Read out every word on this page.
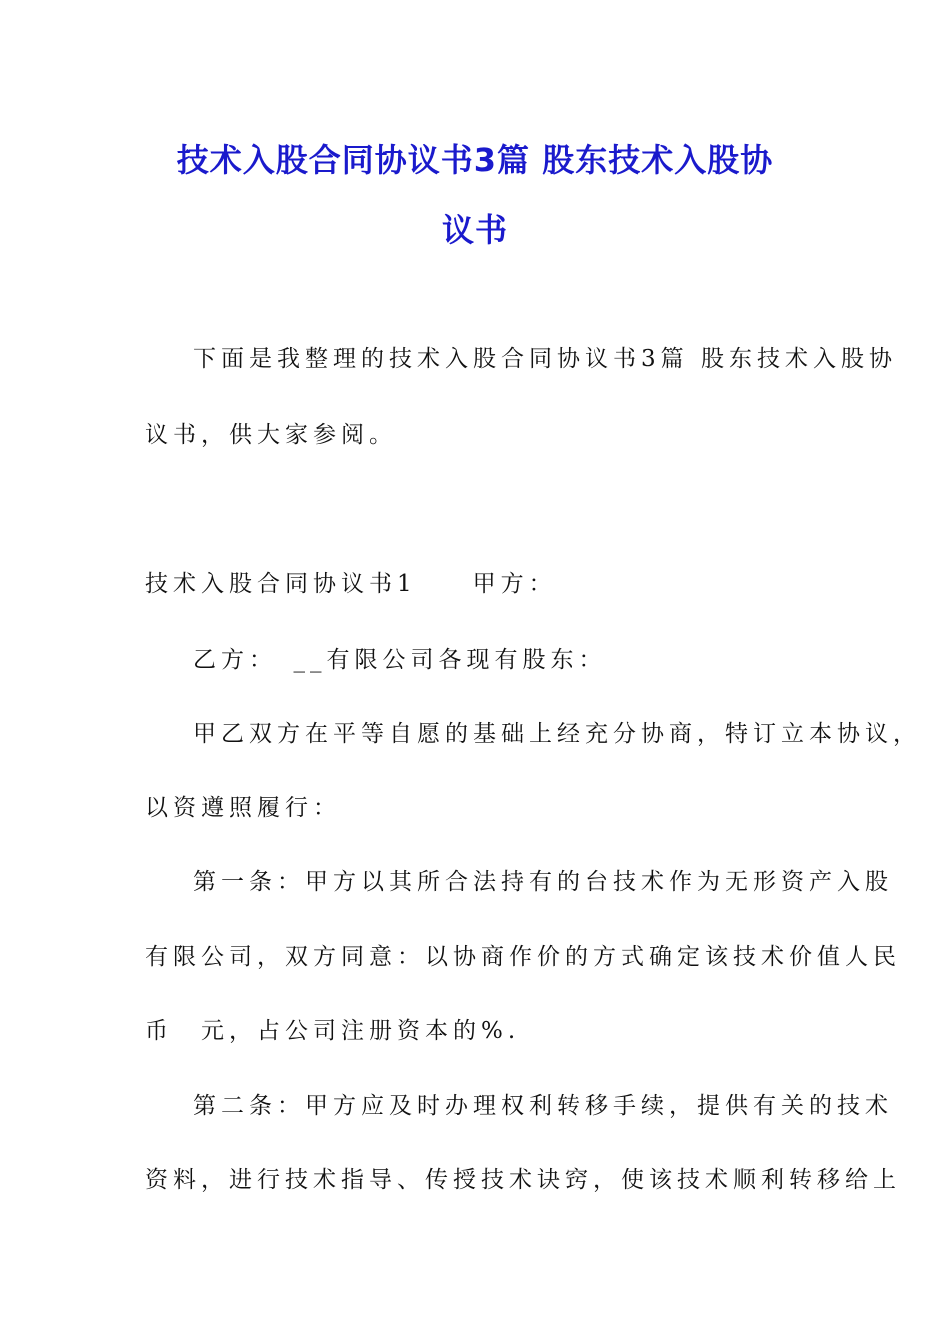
技术入股合同协议书3篇 股东技术入股协
议书
下面是我整理的技术入股合同协议书3篇 股东技术入股协
议书，供大家参阅。
技术入股合同协议书1　　甲方：
乙方：　__有限公司各现有股东：
甲乙双方在平等自愿的基础上经充分协商，特订立本协议，
以资遵照履行：
第一条：甲方以其所合法持有的台技术作为无形资产入股
有限公司，双方同意：以协商作价的方式确定该技术价值人民
币　元，占公司注册资本的%.
第二条：甲方应及时办理权利转移手续，提供有关的技术
资料，进行技术指导、传授技术诀窍，使该技术顺利转移给上
